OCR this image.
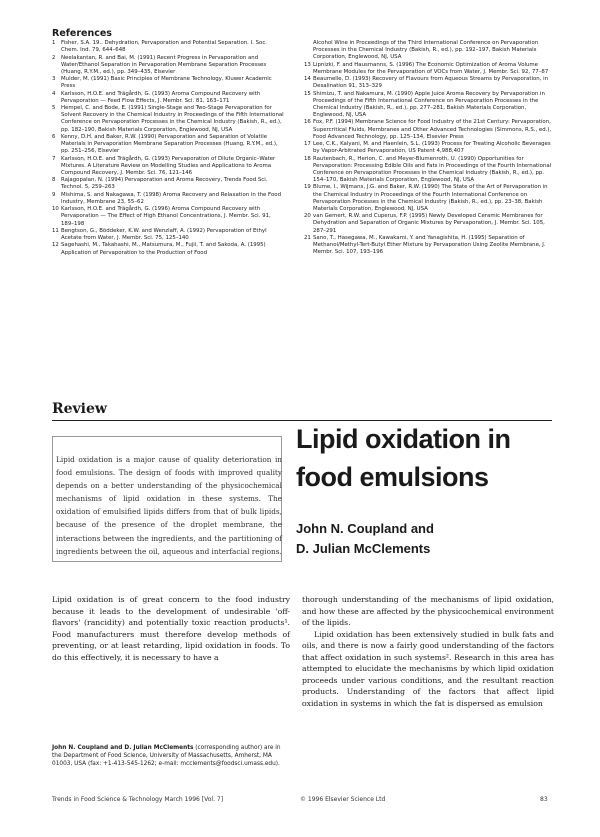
References
1 Fisher, S.A. 19.. Dehydration, Pervaporation and Potential Separation. I. Soc. Chem. Ind. 79, 644–648
2 Neelakantan, R. and Bai, M. (1991) Recent Progress in Pervaporation and Water/Ethanol Separation in Pervaporation Membrane Separation Processes (Huang, R.Y.M., ed.), pp. 349–435, Elsevier
3 Mulder, M. (1991) Basic Principles of Membrane Technology, Kluwer Academic Press
4 Karlsson, H.O.E. and Trägårdh, G. (1993) Aroma Compound Recovery with Pervaporation — Feed Flow Effects, J. Membr. Sci. 81, 163–171
5 Hempel, C. and Bode, E. (1991) Single-Stage and Two-Stage Pervaporation for Solvent Recovery in the Chemical Industry in Proceedings of the Fifth International Conference on Pervaporation Processes in the Chemical Industry (Bakish, R., ed.), pp. 182–190, Bakish Materials Corporation, Englewood, NJ, USA
6 Kenny, D.H. and Baker, R.W. (1990) Pervaporation and Separation of Volatile Materials in Pervaporation Membrane Separation Processes (Huang, R.Y.M., ed.), pp. 251–256, Elsevier
7 Karlsson, H.O.E. and Trägårdh, G. (1993) Pervaporation of Dilute Organic–Water Mixtures. A Literature Review on Modelling Studies and Applications to Aroma Compound Recovery, J. Membr. Sci. 76, 121–146
8 Rajagopalan, N. (1994) Pervaporation and Aroma Recovery, Trends Food Sci. Technol. 5, 259–263
9 Mishima, S. and Nakagawa, T. (1998) Aroma Recovery and Relaxation in the Food Industry, Membrane 23, 55–62
10 Karlsson, H.O.E. and Trägårdh, G. (1996) Aroma Compound Recovery with Pervaporation — The Effect of High Ethanol Concentrations, J. Membr. Sci. 91, 189–198
11 Bengtson, G., Böddeker, K.W. and Wenzlaff, A. (1992) Pervaporation of Ethyl Acetate from Water, J. Membr. Sci. 75, 125–140
12 Sagehashi, M., Takahashi, M., Matsumura, M., Fujii, T. and Sakoda, A. (1995) Application of Pervaporation to the Production of Food
Alcohol Wine in Proceedings of the Third International Conference on Pervaporation Processes in the Chemical Industry (Bakish, R., ed.), pp. 192–197, Bakish Materials Corporation, Englewood, NJ, USA
13 Lipnizki, F. and Hausmanns, S. (1996) The Economic Optimization of Aroma Volume Membrane Modules for the Pervaporation of VOCs from Water, J. Membr. Sci. 92, 77–87
14 Beaumelle, D. (1993) Recovery of Flavours from Aqueous Streams by Pervaporation, in Desalination 91, 313–329
15 Shimizu, T. and Nakamura, M. (1990) Apple Juice Aroma Recovery by Pervaporation in Proceedings of the Fifth International Conference on Pervaporation Processes in the Chemical Industry (Bakish, R., ed.), pp. 277–281, Bakish Materials Corporation, Englewood, NJ, USA
16 Fox, P.F. (1994) Membrane Science for Food Industry of the 21st Century: Pervaporation, Supercritical Fluids, Membranes and Other Advanced Technologies (Simmons, R.S., ed.), Food Advanced Technology, pp. 125–134, Elsevier Press
17 Lee, C.K., Kalyani, M. and Haenlein, S.L. (1993) Process for Treating Alcoholic Beverages by Vapor-Arbitrated Pervaporation, US Patent 4,988,407
18 Rautenbach, R., Herion, C. and Meyer-Blumenroth, U. (1990) Opportunities for Pervaporation: Processing Edible Oils and Fats in Proceedings of the Fourth International Conference on Pervaporation Processes in the Chemical Industry (Bakish, R., ed.), pp. 154–170, Bakish Materials Corporation, Englewood, NJ, USA
19 Blume, I., Wijmans, J.G. and Baker, R.W. (1990) The State of the Art of Pervaporation in the Chemical Industry in Proceedings of the Fourth International Conference on Pervaporation Processes in the Chemical Industry (Bakish, R., ed.), pp. 23–38, Bakish Materials Corporation, Englewood, NJ, USA
20 van Gemert, R.W. and Cuperus, F.P. (1995) Newly Developed Ceramic Membranes for Dehydration and Separation of Organic Mixtures by Pervaporation, J. Membr. Sci. 105, 287–291
21 Sano, T., Hasegawa, M., Kawakami, Y. and Yanagishita, H. (1995) Separation of Methanol/Methyl-Tert-Butyl Ether Mixture by Pervaporation Using Zeolite Membrane, J. Membr. Sci. 107, 193–196
Review
Lipid oxidation is a major cause of quality deterioration in food emulsions. The design of foods with improved quality depends on a better understanding of the physicochemical mechanisms of lipid oxidation in these systems. The oxidation of emulsified lipids differs from that of bulk lipids, because of the presence of the droplet membrane, the interactions between the ingredients, and the partitioning of ingredients between the oil, aqueous and interfacial regions.
Lipid oxidation in food emulsions
John N. Coupland and
D. Julian McClements

Lipid oxidation is of great concern to the food industry because it leads to the development of undesirable 'off-flavors' (rancidity) and potentially toxic reaction products¹. Food manufacturers must therefore develop methods of preventing, or at least retarding, lipid oxidation in foods. To do this effectively, it is necessary to have a

John N. Coupland and D. Julian McClements (corresponding author) are in the Department of Food Science, University of Massachusetts, Amherst, MA 01003, USA (fax: +1-413-545-1262; e-mail: mcclements@foodsci.umass.edu).

thorough understanding of the mechanisms of lipid oxidation, and how these are affected by the physicochemical environment of the lipids.

Lipid oxidation has been extensively studied in bulk fats and oils, and there is now a fairly good understanding of the factors that affect oxidation in such systems². Research in this area has attempted to elucidate the mechanisms by which lipid oxidation proceeds under various conditions, and the resultant reaction products. Understanding of the factors that affect lipid oxidation in systems in which the fat is dispersed as emulsion

Trends in Food Science & Technology March 1996 [Vol. 7]	© 1996 Elsevier Science Ltd	83
